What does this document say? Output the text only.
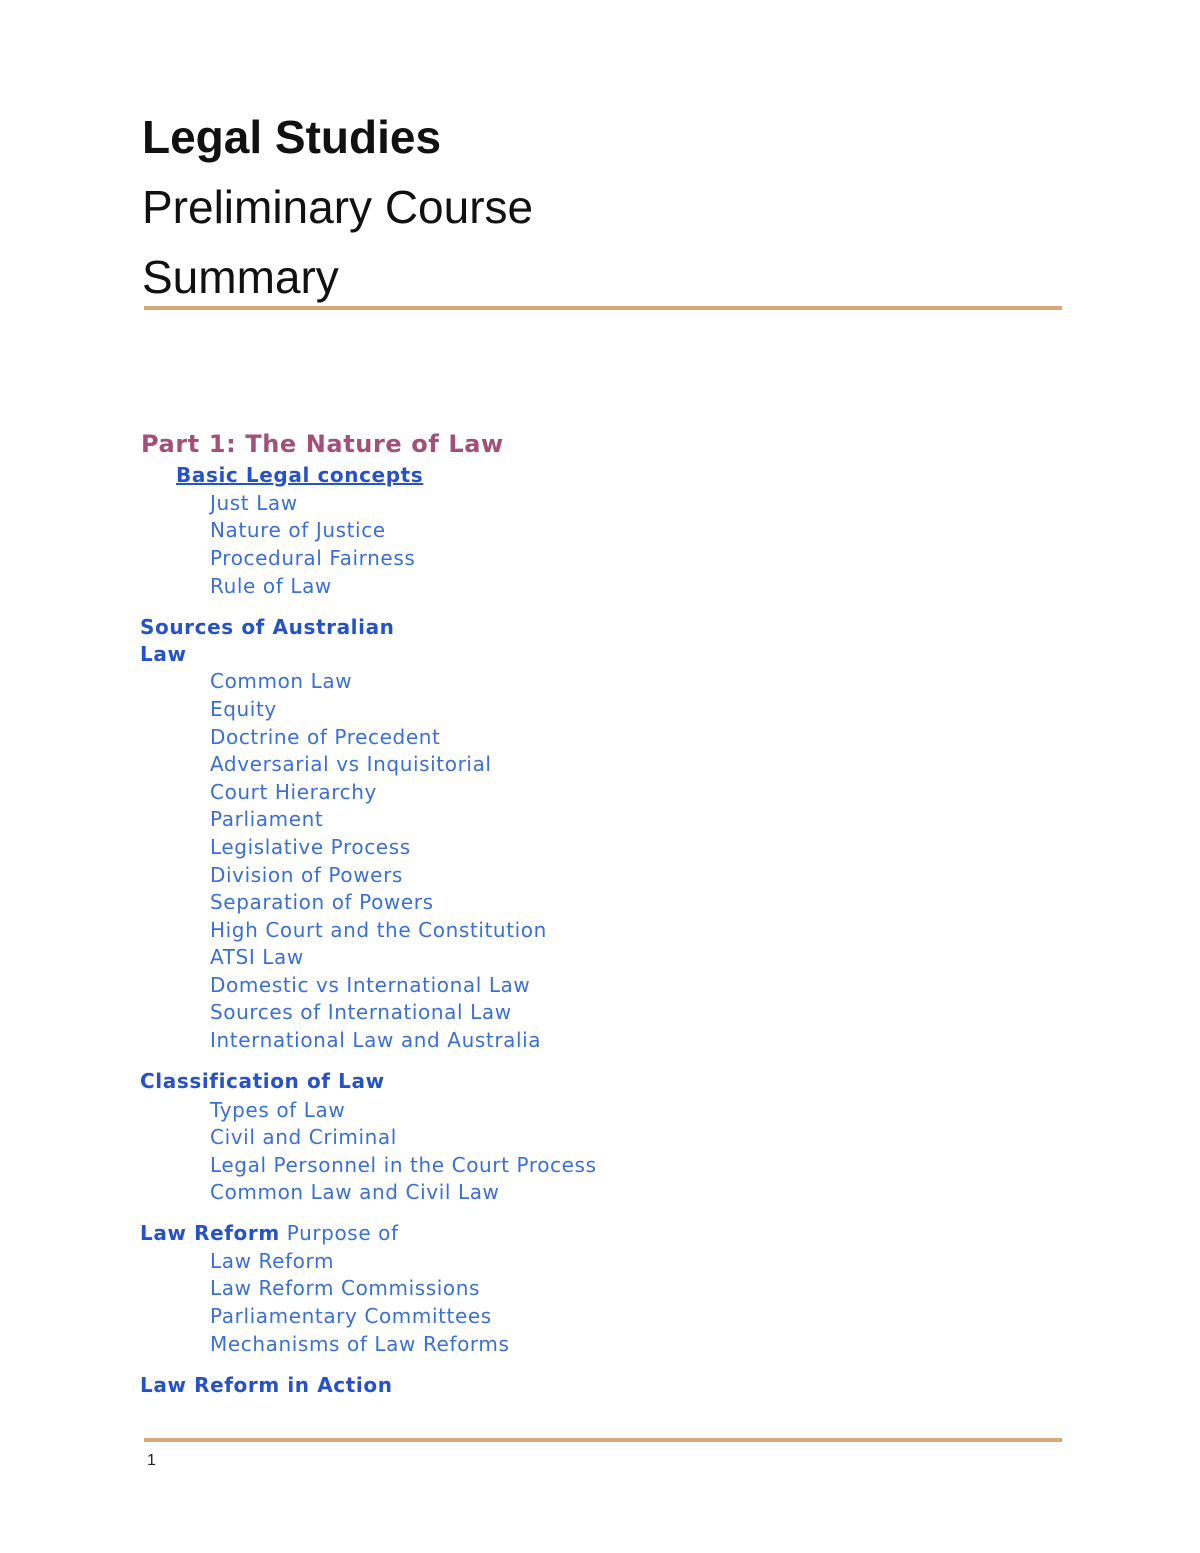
Legal Studies
Preliminary Course
Summary

Part 1: The Nature of Law

Basic Legal concepts

Just Law

Nature of Justice

Procedural Fairness

Rule of Law

Sources of Australian

Law

Common Law

Equity

Doctrine of Precedent

Adversarial vs Inquisitorial

Court Hierarchy

Parliament

Legislative Process

Division of Powers

Separation of Powers

High Court and the Constitution

ATSI Law

Domestic vs International Law

Sources of International Law

International Law and Australia

Classification of Law

Types of Law

Civil and Criminal

Legal Personnel in the Court Process

Common Law and Civil Law

Law Reform Purpose of

Law Reform

Law Reform Commissions

Parliamentary Committees

Mechanisms of Law Reforms

Law Reform in Action

1
